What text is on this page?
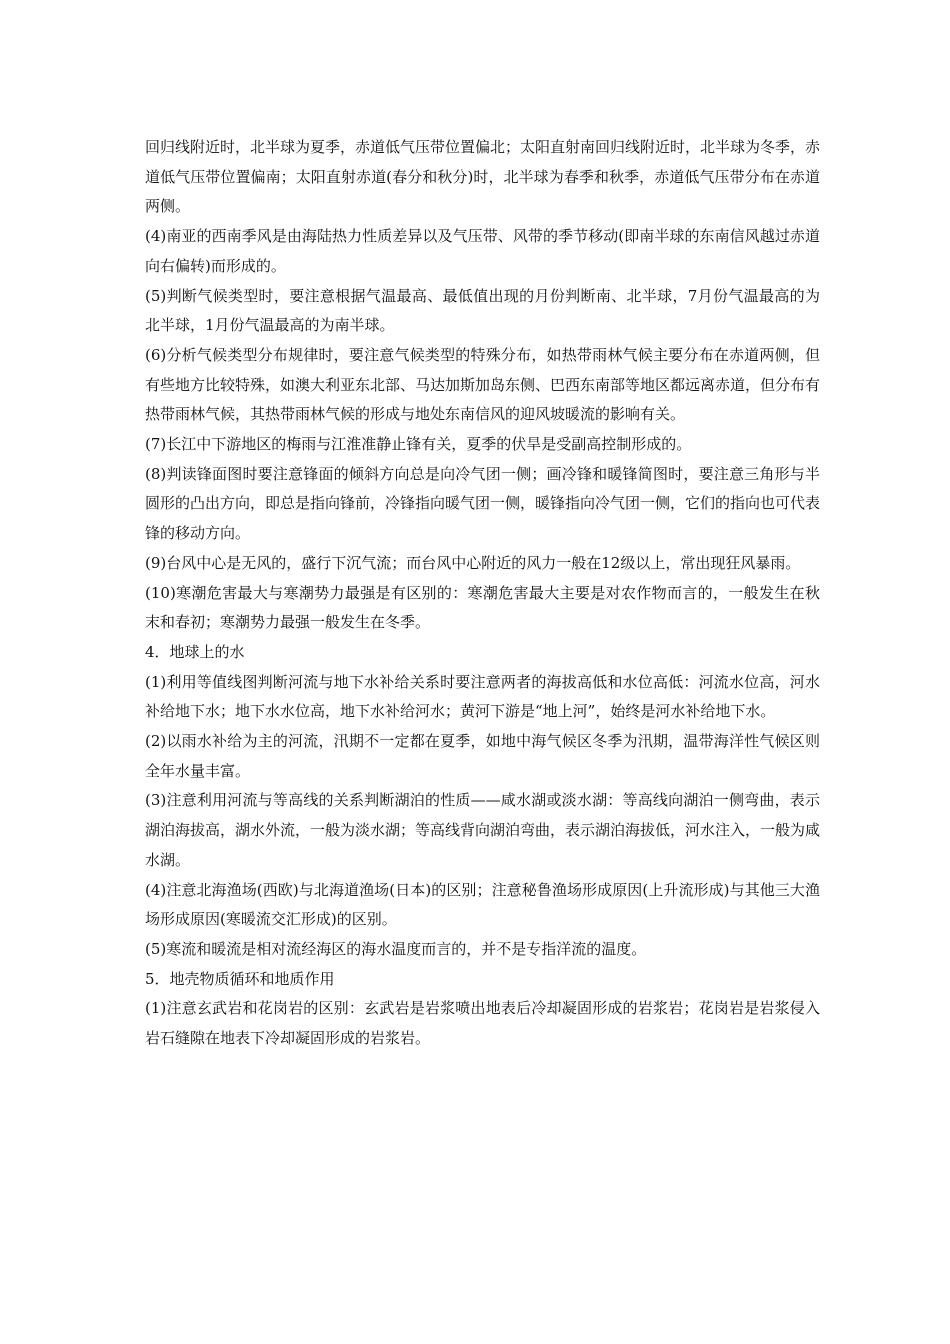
回归线附近时，北半球为夏季，赤道低气压带位置偏北；太阳直射南回归线附近时，北半球为冬季，赤道低气压带位置偏南；太阳直射赤道(春分和秋分)时，北半球为春季和秋季，赤道低气压带分布在赤道两侧。

(4)南亚的西南季风是由海陆热力性质差异以及气压带、风带的季节移动(即南半球的东南信风越过赤道向右偏转)而形成的。

(5)判断气候类型时，要注意根据气温最高、最低值出现的月份判断南、北半球，7月份气温最高的为北半球，1月份气温最高的为南半球。

(6)分析气候类型分布规律时，要注意气候类型的特殊分布，如热带雨林气候主要分布在赤道两侧，但有些地方比较特殊，如澳大利亚东北部、马达加斯加岛东侧、巴西东南部等地区都远离赤道，但分布有热带雨林气候，其热带雨林气候的形成与地处东南信风的迎风坡暖流的影响有关。

(7)长江中下游地区的梅雨与江淮准静止锋有关，夏季的伏旱是受副高控制形成的。

(8)判读锋面图时要注意锋面的倾斜方向总是向冷气团一侧；画冷锋和暖锋简图时，要注意三角形与半圆形的凸出方向，即总是指向锋前，冷锋指向暖气团一侧，暖锋指向冷气团一侧，它们的指向也可代表锋的移动方向。

(9)台风中心是无风的，盛行下沉气流；而台风中心附近的风力一般在12级以上，常出现狂风暴雨。

(10)寒潮危害最大与寒潮势力最强是有区别的：寒潮危害最大主要是对农作物而言的，一般发生在秋末和春初；寒潮势力最强一般发生在冬季。

4．地球上的水

(1)利用等值线图判断河流与地下水补给关系时要注意两者的海拔高低和水位高低：河流水位高，河水补给地下水；地下水水位高，地下水补给河水；黄河下游是“地上河”，始终是河水补给地下水。

(2)以雨水补给为主的河流，汛期不一定都在夏季，如地中海气候区冬季为汛期，温带海洋性气候区则全年水量丰富。

(3)注意利用河流与等高线的关系判断湖泊的性质——咸水湖或淡水湖：等高线向湖泊一侧弯曲，表示湖泊海拔高，湖水外流，一般为淡水湖；等高线背向湖泊弯曲，表示湖泊海拔低，河水注入，一般为咸水湖。

(4)注意北海渔场(西欧)与北海道渔场(日本)的区别；注意秘鲁渔场形成原因(上升流形成)与其他三大渔场形成原因(寒暖流交汇形成)的区别。

(5)寒流和暖流是相对流经海区的海水温度而言的，并不是专指洋流的温度。

5．地壳物质循环和地质作用

(1)注意玄武岩和花岗岩的区别：玄武岩是岩浆喷出地表后冷却凝固形成的岩浆岩；花岗岩是岩浆侵入岩石缝隙在地表下冷却凝固形成的岩浆岩。
